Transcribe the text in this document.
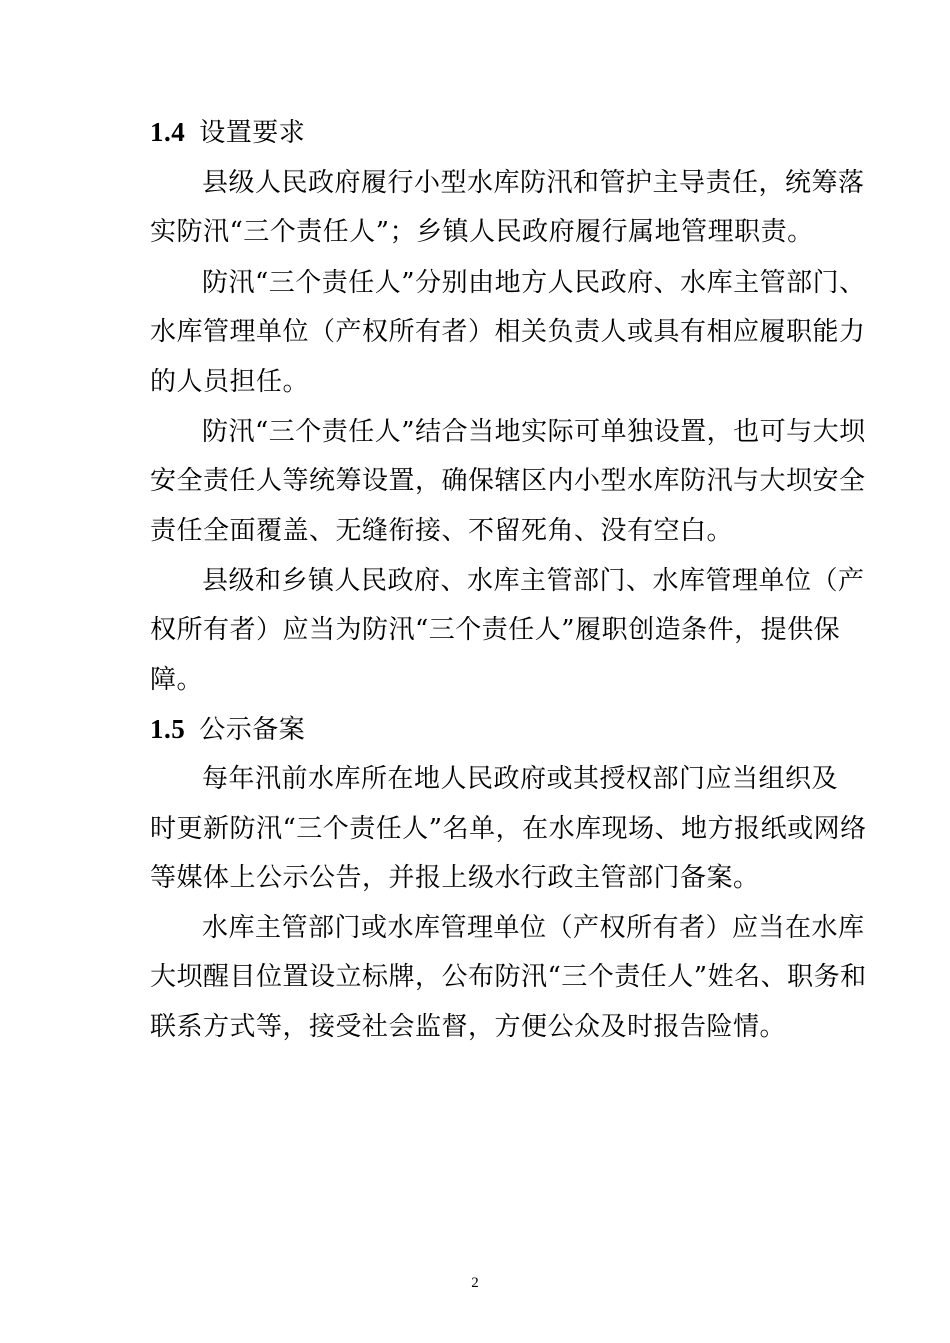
1.4 设置要求
县级人民政府履行小型水库防汛和管护主导责任，统筹落
实防汛“三个责任人”；乡镇人民政府履行属地管理职责。
防汛“三个责任人”分别由地方人民政府、水库主管部门、
水库管理单位（产权所有者）相关负责人或具有相应履职能力
的人员担任。
防汛“三个责任人”结合当地实际可单独设置，也可与大坝
安全责任人等统筹设置，确保辖区内小型水库防汛与大坝安全
责任全面覆盖、无缝衔接、不留死角、没有空白。
县级和乡镇人民政府、水库主管部门、水库管理单位（产
权所有者）应当为防汛“三个责任人”履职创造条件，提供保
障。
1.5 公示备案
每年汛前水库所在地人民政府或其授权部门应当组织及
时更新防汛“三个责任人”名单，在水库现场、地方报纸或网络
等媒体上公示公告，并报上级水行政主管部门备案。
水库主管部门或水库管理单位（产权所有者）应当在水库
大坝醒目位置设立标牌，公布防汛“三个责任人”姓名、职务和
联系方式等，接受社会监督，方便公众及时报告险情。
2
